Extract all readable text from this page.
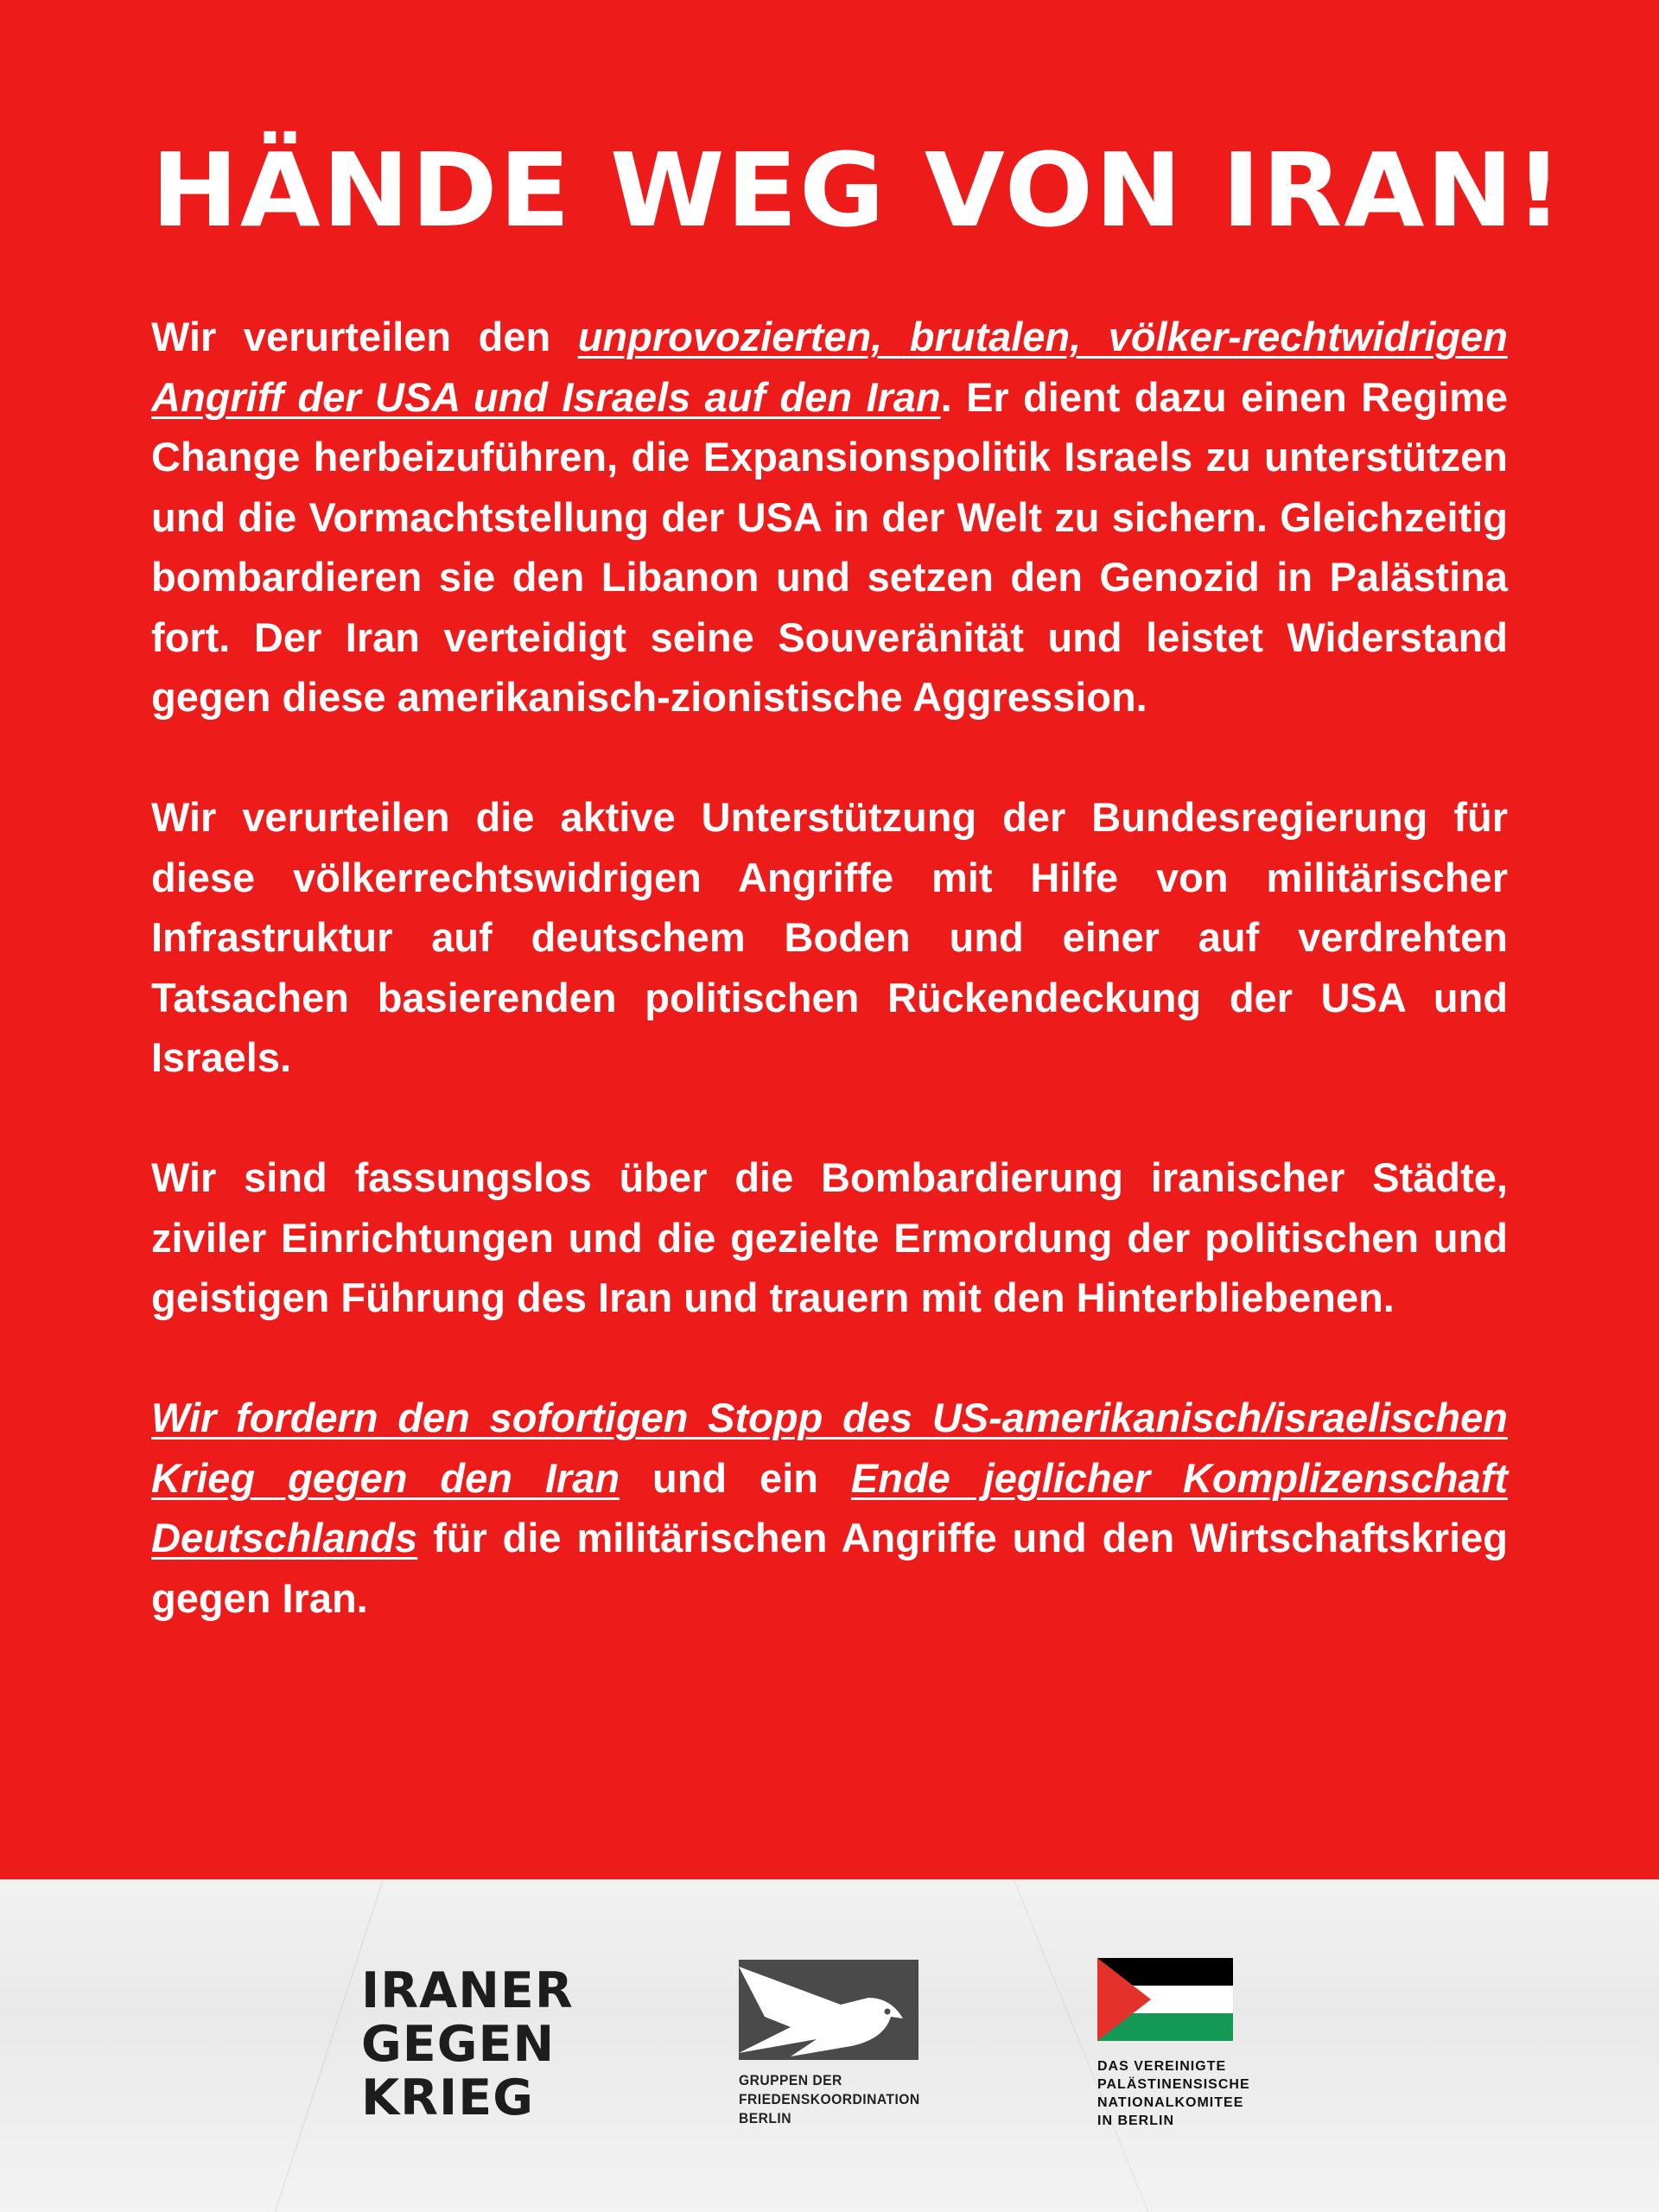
HÄNDE WEG VON IRAN!

Wir verurteilen den unprovozierten, brutalen, völker-rechtwidrigen Angriff der USA und Israels auf den Iran. Er dient dazu einen Regime Change herbeizuführen, die Expansionspolitik Israels zu unterstützen und die Vormachtstellung der USA in der Welt zu sichern. Gleichzeitig bombardieren sie den Libanon und setzen den Genozid in Palästina fort. Der Iran verteidigt seine Souveränität und leistet Widerstand gegen diese amerikanisch-zionistische Aggression.

Wir verurteilen die aktive Unterstützung der Bundesregierung für diese völkerrechtswidrigen Angriffe mit Hilfe von militärischer Infrastruktur auf deutschem Boden und einer auf verdrehten Tatsachen basierenden politischen Rückendeckung der USA und Israels.

Wir sind fassungslos über die Bombardierung iranischer Städte, ziviler Einrichtungen und die gezielte Ermordung der politischen und geistigen Führung des Iran und trauern mit den Hinterbliebenen.

Wir fordern den sofortigen Stopp des US-amerikanisch/israelischen Krieg gegen den Iran und ein Ende jeglicher Komplizenschaft Deutschlands für die militärischen Angriffe und den Wirtschaftskrieg gegen Iran.

IRANER
GEGEN
KRIEG	GRUPPEN DER
FRIEDENSKOORDINATION
BERLIN
DAS VEREINIGTE
PALÄSTINENSISCHE
NATIONALKOMITEE
IN BERLIN
